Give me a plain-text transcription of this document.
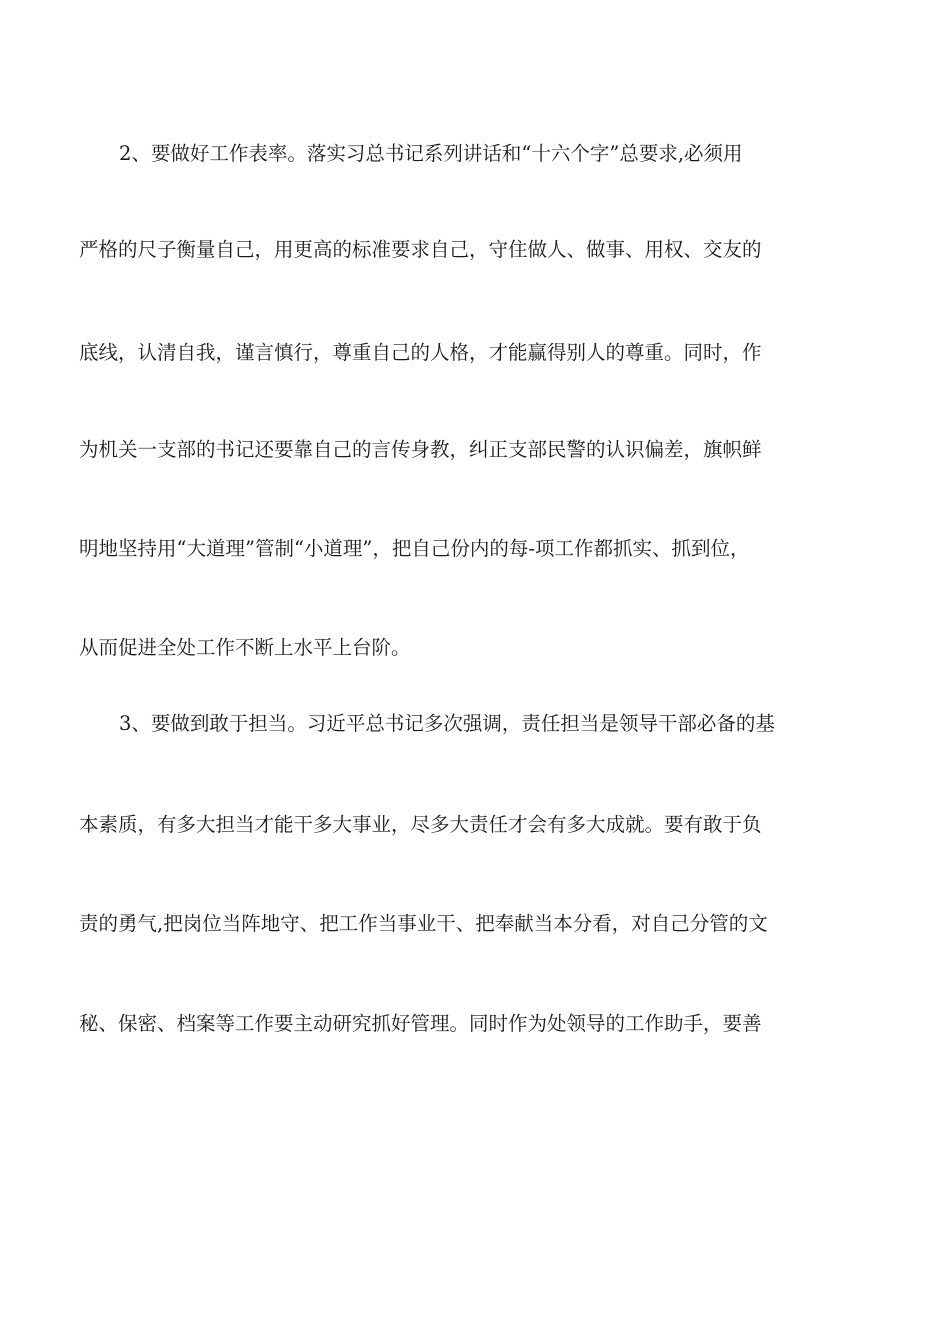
2、要做好工作表率。落实习总书记系列讲话和“十六个字”总要求,必须用
严格的尺子衡量自己，用更高的标准要求自己，守住做人、做事、用权、交友的
底线，认清自我，谨言慎行，尊重自己的人格，才能赢得别人的尊重。同时，作
为机关一支部的书记还要靠自己的言传身教，纠正支部民警的认识偏差，旗帜鲜
明地坚持用“大道理”管制“小道理”，把自己份内的每-项工作都抓实、抓到位，
从而促进全处工作不断上水平上台阶。
3、要做到敢于担当。习近平总书记多次强调，责任担当是领导干部必备的基
本素质，有多大担当才能干多大事业，尽多大责任才会有多大成就。要有敢于负
责的勇气,把岗位当阵地守、把工作当事业干、把奉献当本分看，对自己分管的文
秘、保密、档案等工作要主动研究抓好管理。同时作为处领导的工作助手，要善
